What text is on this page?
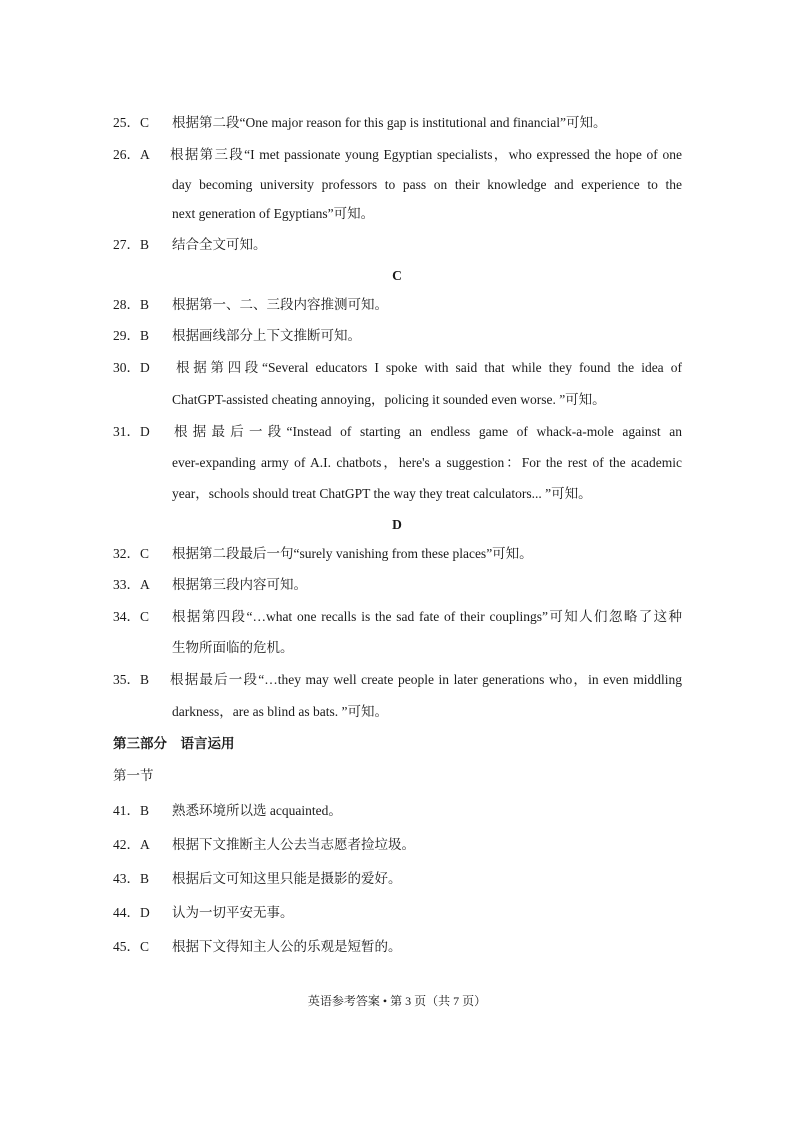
25．C	根据第二段“One major reason for this gap is institutional and financial”可知。
26．A	根据第三段“I met passionate young Egyptian specialists，who expressed the hope of one
day becoming university professors to pass on their knowledge and experience to the
next generation of Egyptians”可知。
27．B	结合全文可知。
C
28．B	根据第一、二、三段内容推测可知。
29．B	根据画线部分上下文推断可知。
30．D	根据第四段“Several educators I spoke with said that while they found the idea of
ChatGPT-assisted cheating annoying，policing it sounded even worse. ”可知。
31．D	根据最后一段“Instead of starting an endless game of whack-a-mole against an
ever-expanding army of A.I. chatbots，here's a suggestion：For the rest of the academic
year，schools should treat ChatGPT the way they treat calculators... ”可知。
D
32．C	根据第二段最后一句“surely vanishing from these places”可知。
33．A	根据第三段内容可知。
34．C	根据第四段“…what one recalls is the sad fate of their couplings”可知人们忽略了这种
生物所面临的危机。
35．B	根据最后一段“…they may well create people in later generations who，in even middling
darkness，are as blind as bats. ”可知。
第三部分　语言运用
第一节
41．B	熟悉环境所以选 acquainted。
42．A	根据下文推断主人公去当志愿者捡垃圾。
43．B	根据后文可知这里只能是摄影的爱好。
44．D	认为一切平安无事。
45．C	根据下文得知主人公的乐观是短暂的。
英语参考答案 • 第 3 页（共 7 页）
